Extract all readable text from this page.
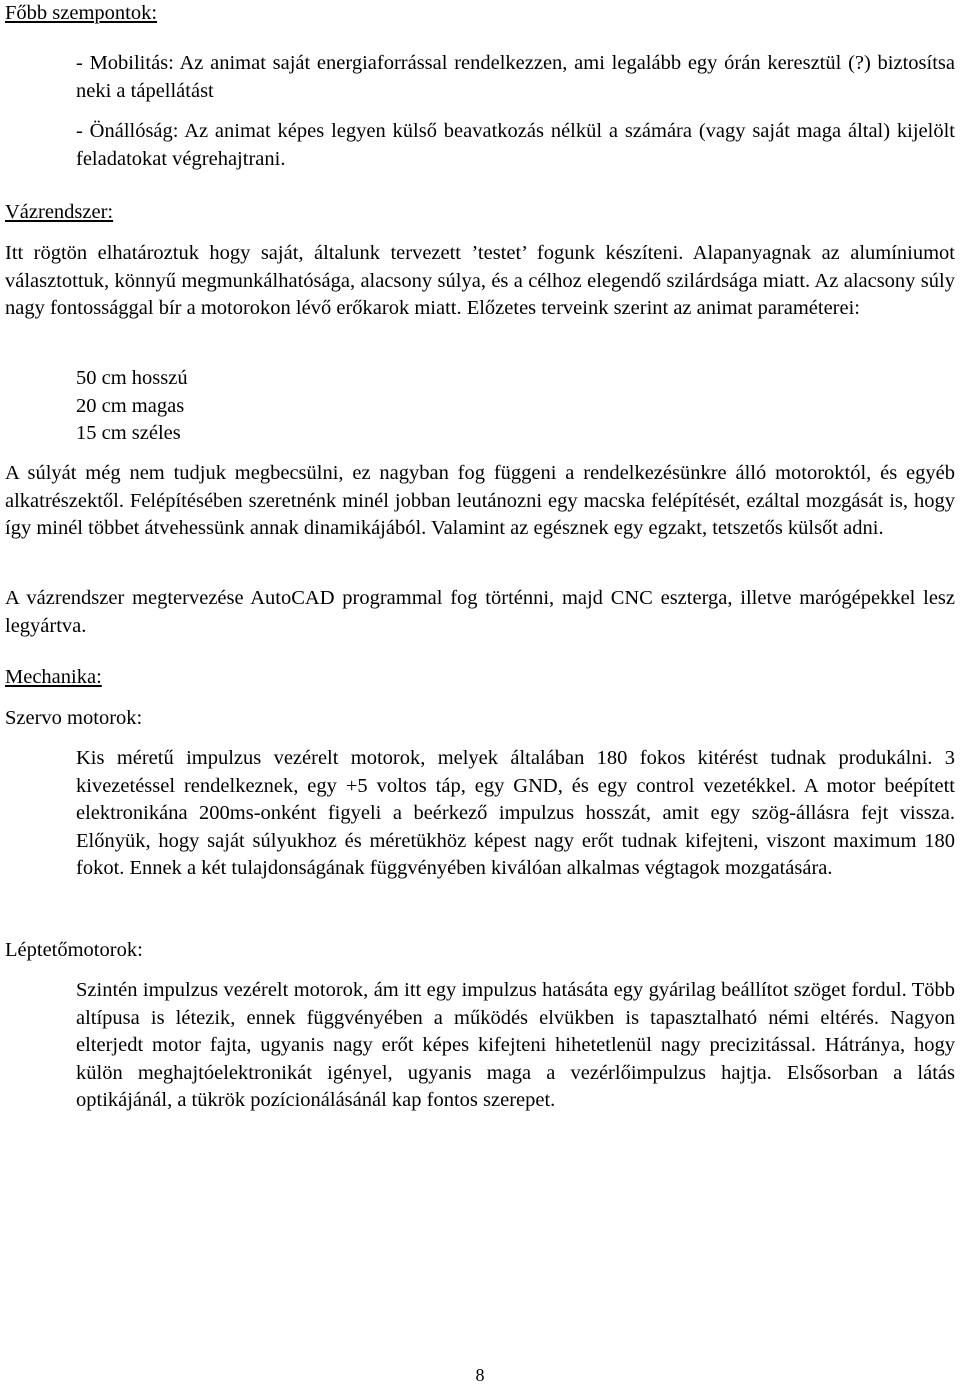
Főbb szempontok:

- Mobilitás: Az animat saját energiaforrással rendelkezzen, ami legalább egy órán keresztül (?) biztosítsa neki a tápellátást

- Önállóság: Az animat képes legyen külső beavatkozás nélkül a számára (vagy saját maga által) kijelölt feladatokat végrehajtrani.

Vázrendszer:

Itt rögtön elhatároztuk hogy saját, általunk tervezett ’testet’ fogunk készíteni. Alapanyagnak az alumíniumot választottuk, könnyű megmunkálhatósága, alacsony súlya, és a célhoz elegendő szilárdsága miatt. Az alacsony súly nagy fontossággal bír a motorokon lévő erőkarok miatt. Előzetes terveink szerint az animat paraméterei:

50 cm hosszú
20 cm magas
15 cm széles

A súlyát még nem tudjuk megbecsülni, ez nagyban fog függeni a rendelkezésünkre álló motoroktól, és egyéb alkatrészektől. Felépítésében szeretnénk minél jobban leutánozni egy macska felépítését, ezáltal mozgását is, hogy így minél többet átvehessünk annak dinamikájából. Valamint az egésznek egy egzakt, tetszetős külsőt adni.

A vázrendszer megtervezése AutoCAD programmal fog történni, majd CNC eszterga, illetve marógépekkel lesz legyártva.

Mechanika:

Szervo motorok:

Kis méretű impulzus vezérelt motorok, melyek általában 180 fokos kitérést tudnak produkálni. 3 kivezetéssel rendelkeznek, egy +5 voltos táp, egy GND, és egy control vezetékkel. A motor beépített elektronikána 200ms-onként figyeli a beérkező impulzus hosszát, amit egy szög-állásra fejt vissza. Előnyük, hogy saját súlyukhoz és méretükhöz képest nagy erőt tudnak kifejteni, viszont maximum 180 fokot. Ennek a két tulajdonságának függvényében kiválóan alkalmas végtagok mozgatására.

Léptetőmotorok:

Szintén impulzus vezérelt motorok, ám itt egy impulzus hatásáta egy gyárilag beállítot szöget fordul. Több altípusa is létezik, ennek függvényében a működés elvükben is tapasztalható némi eltérés. Nagyon elterjedt motor fajta, ugyanis nagy erőt képes kifejteni hihetetlenül nagy precizitással. Hátránya, hogy külön meghajtóelektronikát igényel, ugyanis maga a vezérlőimpulzus hajtja. Elsősorban a látás optikájánál, a tükrök pozícionálásánál kap fontos szerepet.

8
